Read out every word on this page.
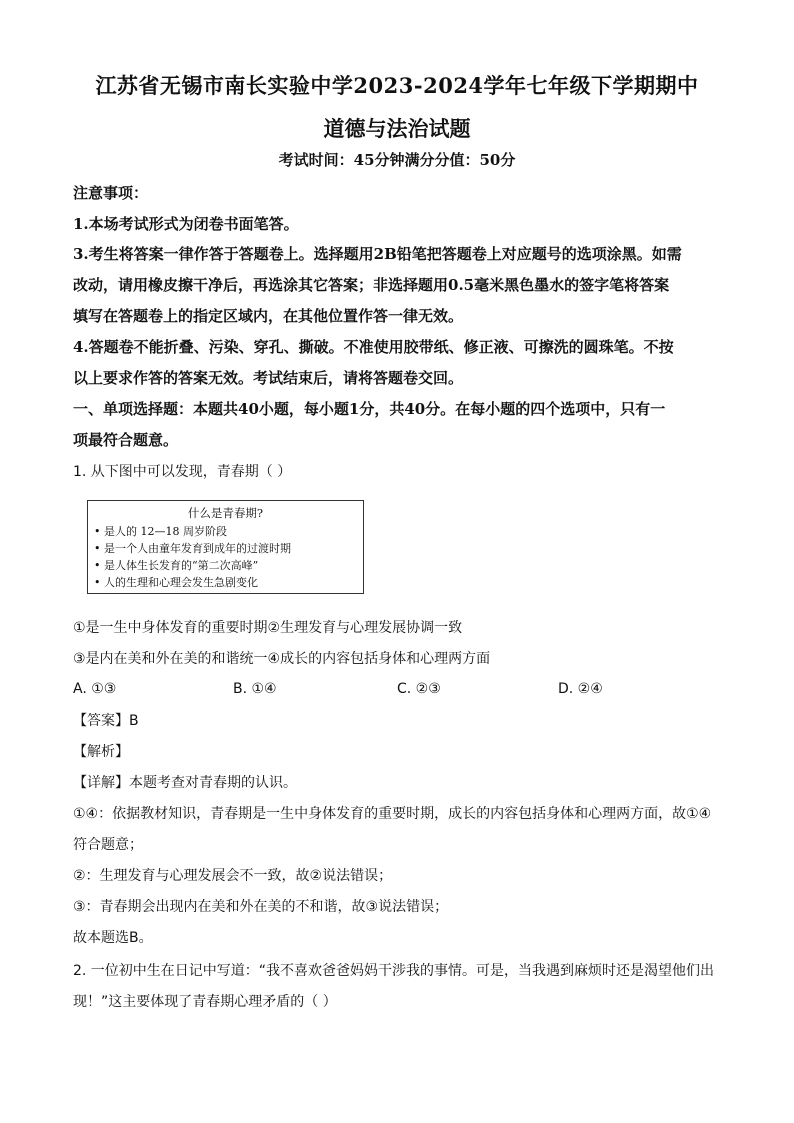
江苏省无锡市南长实验中学2023-2024学年七年级下学期期中
道德与法治试题
考试时间：45分钟满分分值：50分
注意事项：
1.本场考试形式为闭卷书面笔答。
3.考生将答案一律作答于答题卷上。选择题用2B铅笔把答题卷上对应题号的选项涂黑。如需
改动，请用橡皮擦干净后，再选涂其它答案；非选择题用0.5毫米黑色墨水的签字笔将答案
填写在答题卷上的指定区域内，在其他位置作答一律无效。
4.答题卷不能折叠、污染、穿孔、撕破。不准使用胶带纸、修正液、可擦洗的圆珠笔。不按
以上要求作答的答案无效。考试结束后，请将答题卷交回。
一、单项选择题：本题共40小题，每小题1分，共40分。在每小题的四个选项中，只有一
项最符合题意。
1. 从下图中可以发现，青春期（ ）
什么是青春期?
• 是人的 12—18 周岁阶段
• 是一个人由童年发育到成年的过渡时期
• 是人体生长发育的“第二次高峰”
• 人的生理和心理会发生急剧变化
①是一生中身体发育的重要时期②生理发育与心理发展协调一致
③是内在美和外在美的和谐统一④成长的内容包括身体和心理两方面
A. ①③	B. ①④	C. ②③	D. ②④
【答案】B
【解析】
【详解】本题考查对青春期的认识。
①④：依据教材知识，青春期是一生中身体发育的重要时期，成长的内容包括身体和心理两方面，故①④
符合题意；
②：生理发育与心理发展会不一致，故②说法错误；
③：青春期会出现内在美和外在美的不和谐，故③说法错误；
故本题选B。
2. 一位初中生在日记中写道：“我不喜欢爸爸妈妈干涉我的事情。可是，当我遇到麻烦时还是渴望他们出
现！”这主要体现了青春期心理矛盾的（ ）
